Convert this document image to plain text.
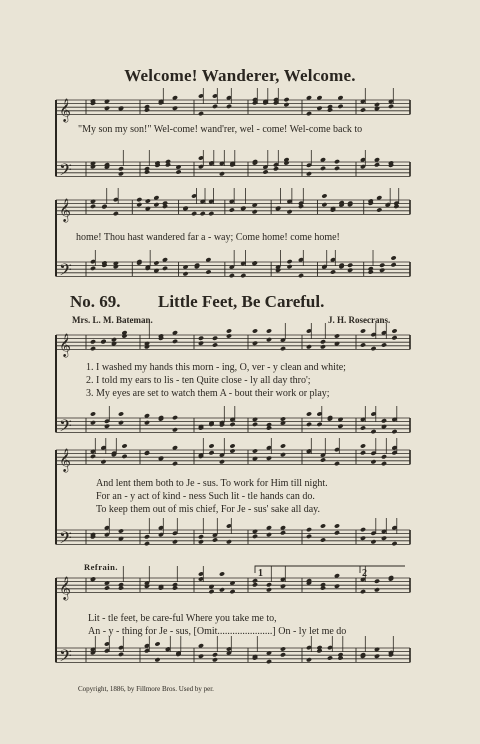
𝄞
𝄢
𝄞
𝄢
𝄞
𝄢
𝄞
𝄢
𝄞
𝄢
Welcome! Wanderer, Welcome.
"My son my son!" Wel-come! wand'rer, wel - come! Wel-come back to
home! Thou hast wandered far a - way; Come home! come home!
No. 69. Little Feet, Be Careful.
Mrs. L. M. Bateman.	J. H. Rosecrans.
1. I washed my hands this morn - ing, O, ver - y clean and white;
2. I told my ears to lis - ten Quite close - ly all day thro';
3. My eyes are set to watch them A - bout their work or play;
And lent them both to Je - sus. To work for Him till night.
For an - y act of kind - ness Such lit - tle hands can do.
To keep them out of mis chief, For Je - sus' sake all day.
Refrain.
1	2
Lit - tle feet, be care-ful Where you take me to,
An - y - thing for Je - sus, [Omit......................] On - ly let me do
Copyright, 1886, by Fillmore Bros. Used by per.
